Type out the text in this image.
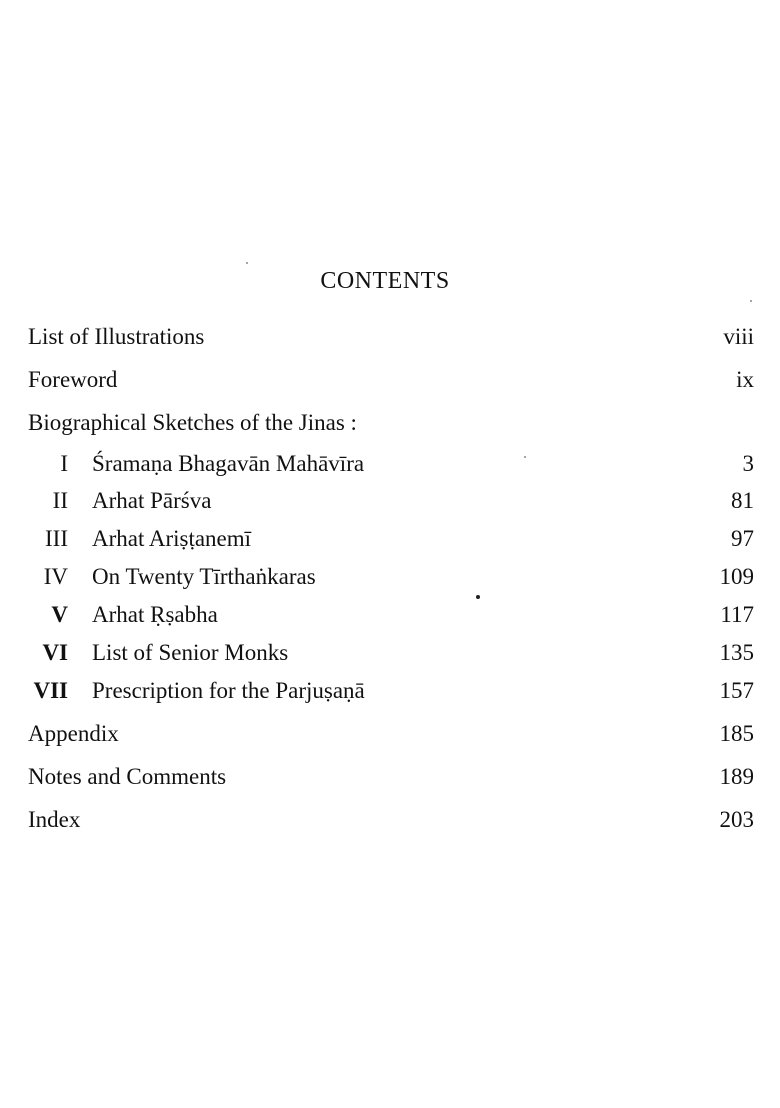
CONTENTS
List of Illustrations	viii
Foreword	ix
Biographical Sketches of the Jinas :
I Śramaṇa Bhagavān Mahāvīra	3
II Arhat Pārśva	81
III Arhat Ariṣṭanemī	97
IV On Twenty Tīrthaṅkaras	109
V Arhat Ṛṣabha	117
VI List of Senior Monks	135
VII Prescription for the Parjuṣaṇā	157
Appendix	185
Notes and Comments	189
Index	203
